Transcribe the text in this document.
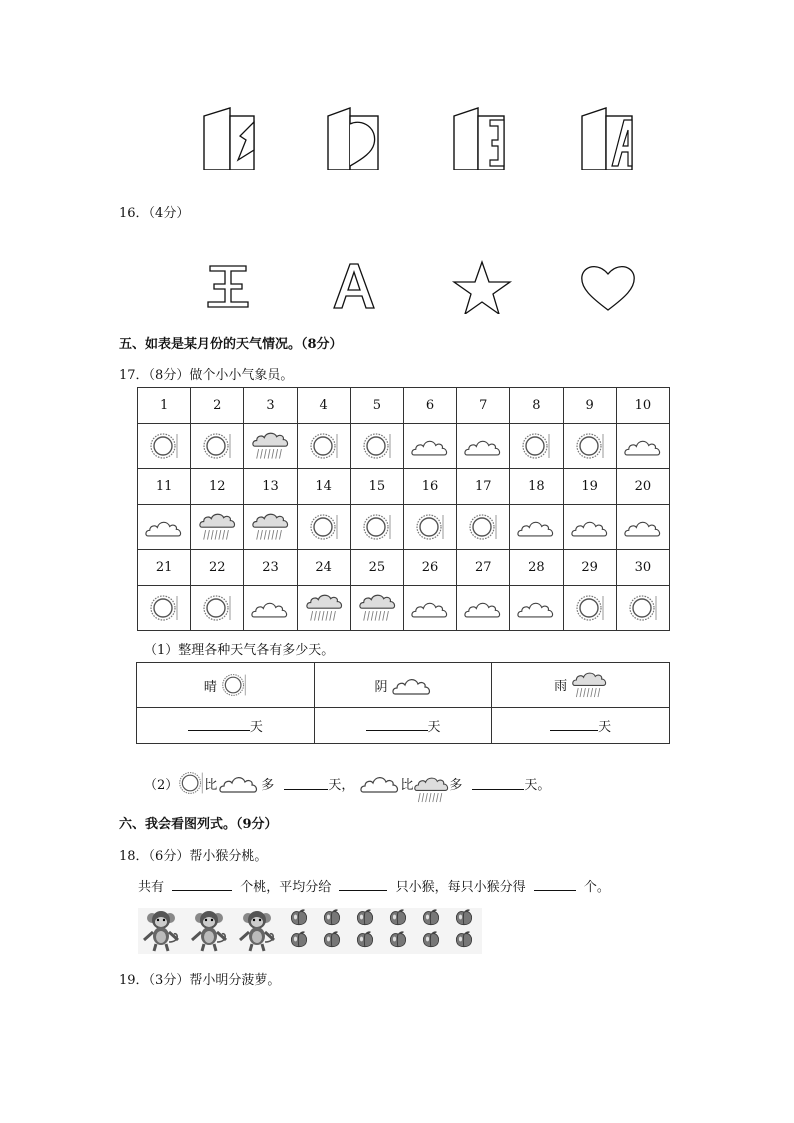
16．（4分）
五、如表是某月份的天气情况。（8分）
17．（8分）做个小小气象员。
1	2	3	4	5	6	7	8	9	10

11	12	13	14	15	16	17	18	19	20

21	22	23	24	25	26	27	28	29	30

（1）整理各种天气各有多少天。
晴	阴	雨

天	天	天
（2） 比	多	天，	比	多	天。
六、我会看图列式。（9分）
18．（6分）帮小猴分桃。
共有	个桃，平均分给	只小猴，每只小猴分得	个。
19．（3分）帮小明分菠萝。
